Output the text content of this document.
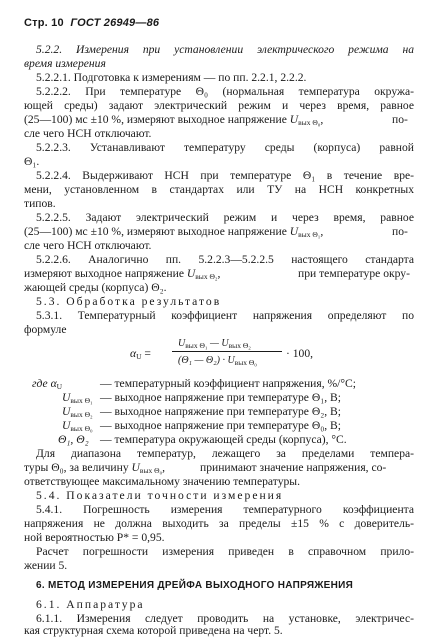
Стр. 10 ГОСТ 26949—86
5.2.2. Измерения при установлении электрического режима на
время измерения
5.2.2.1. Подготовка к измерениям — по пп. 2.2.1, 2.2.2.
5.2.2.2. При температуре Θ₀ (нормальная температура окружа-
ющей среды) задают электрический режим и через время, равное
(25—100) мс ±10 %, измеряют выходное напряжение $U_{вых \Theta_0}$,	по-
сле чего НСН отключают.
5.2.2.3. Устанавливают температуру среды (корпуса) равной
Θ₁.
5.2.2.4. Выдерживают НСН при температуре Θ₁ в течение вре-
мени, установленном в стандартах или ТУ на НСН конкретных
типов.
5.2.2.5. Задают электрический режим и через время, равное
(25—100) мс ±10 %, измеряют выходное напряжение $U_{вых \Theta_1}$,	по-
сле чего НСН отключают.
5.2.2.6. Аналогично пп. 5.2.2.3—5.2.2.5 настоящего стандарта
измеряют выходное напряжение $U_{вых \Theta_2}$,	при температуре окру-
жающей среды (корпуса) Θ₂.
5.3. Обработка результатов
5.3.1. Температурный коэффициент напряжения определяют по
формуле
$\alpha_U$ =
$U_{вых \Theta_1}$ — $U_{вых \Theta_2}$
(Θ₁ — $\Theta_2) \cdot U_{вых \Theta_0}$
· 100,
где $\alpha_U$	— температурный коэффициент напряжения, %/°C;
$U_{вых \Theta_1}$ — выходное напряжение при температуре Θ₁, В;
$U_{вых \Theta_2}$ — выходное напряжение при температуре Θ₂, В;
$U_{вых \Theta_0}$ — выходное напряжение при температуре Θ₀, В;
Θ₁, Θ₂ — температура окружающей среды (корпуса), °C.
Для диапазона температур, лежащего за пределами темпера-
туры Θ₀, за величину $U_{вых \Theta_0}$,	принимают значение напряжения, со-
ответствующее максимальному значению температуры.
5.4. Показатели точности измерения
5.4.1. Погрешность измерения температурного коэффициента
напряжения не должна выходить за пределы ±15 % с доверитель-
ной вероятностью P* = 0,95.
Расчет погрешности измерения приведен в справочном прило-
жении 5.
6. МЕТОД ИЗМЕРЕНИЯ ДРЕЙФА ВЫХОДНОГО НАПРЯЖЕНИЯ
6.1. Аппаратура
6.1.1. Измерения следует проводить на установке, электричес-
кая структурная схема которой приведена на черт. 5.
